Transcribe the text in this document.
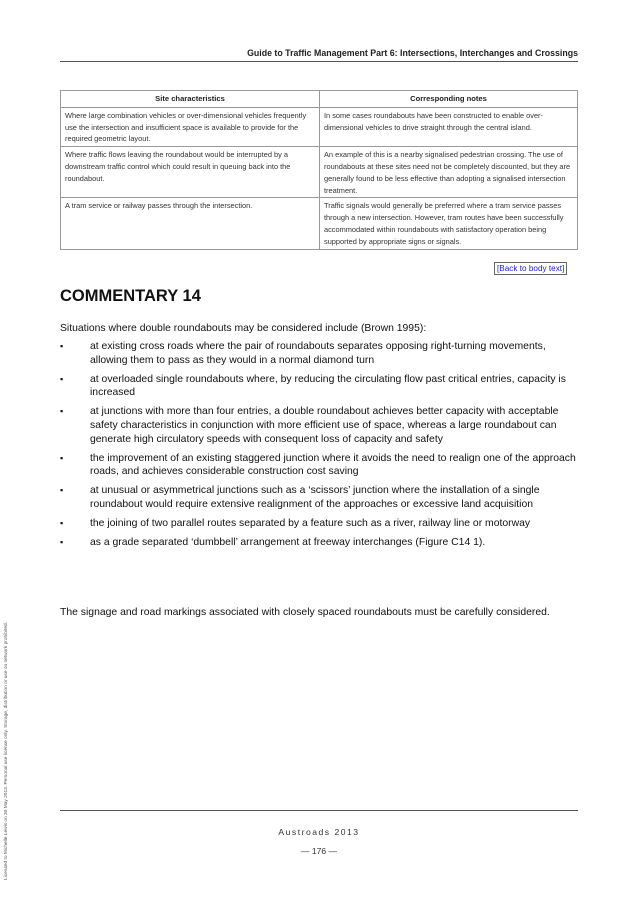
Guide to Traffic Management Part 6: Intersections, Interchanges and Crossings
Site characteristics	Corresponding notes
Where large combination vehicles or over-dimensional vehicles frequently use the intersection and insufficient space is available to provide for the required geometric layout.	In some cases roundabouts have been constructed to enable over-dimensional vehicles to drive straight through the central island.
Where traffic flows leaving the roundabout would be interrupted by a downstream traffic control which could result in queuing back into the roundabout.	An example of this is a nearby signalised pedestrian crossing. The use of roundabouts at these sites need not be completely discounted, but they are generally found to be less effective than adopting a signalised intersection treatment.
A tram service or railway passes through the intersection.	Traffic signals would generally be preferred where a tram service passes through a new intersection. However, tram routes have been successfully accommodated within roundabouts with satisfactory operation being supported by appropriate signs or signals.
[Back to body text]
COMMENTARY 14

Situations where double roundabouts may be considered include (Brown 1995):

▪	at existing cross roads where the pair of roundabouts separates opposing right-turning movements, allowing them to pass as they would in a normal diamond turn
▪	at overloaded single roundabouts where, by reducing the circulating flow past critical entries, capacity is increased
▪	at junctions with more than four entries, a double roundabout achieves better capacity with acceptable safety characteristics in conjunction with more efficient use of space, whereas a large roundabout can generate high circulatory speeds with consequent loss of capacity and safety
▪	the improvement of an existing staggered junction where it avoids the need to realign one of the approach roads, and achieves considerable construction cost saving
▪	at unusual or asymmetrical junctions such as a ‘scissors’ junction where the installation of a single roundabout would require extensive realignment of the approaches or excessive land acquisition
▪	the joining of two parallel routes separated by a feature such as a river, railway line or motorway
▪	as a grade separated ‘dumbbell’ arrangement at freeway interchanges (Figure C14 1).

The signage and road markings associated with closely spaced roundabouts must be carefully considered.

Licensed to Michelle Lewis on 30 May 2013. Personal use license only. Storage, distribution or use on network prohibited.	Austroads 2013
— 176 —
